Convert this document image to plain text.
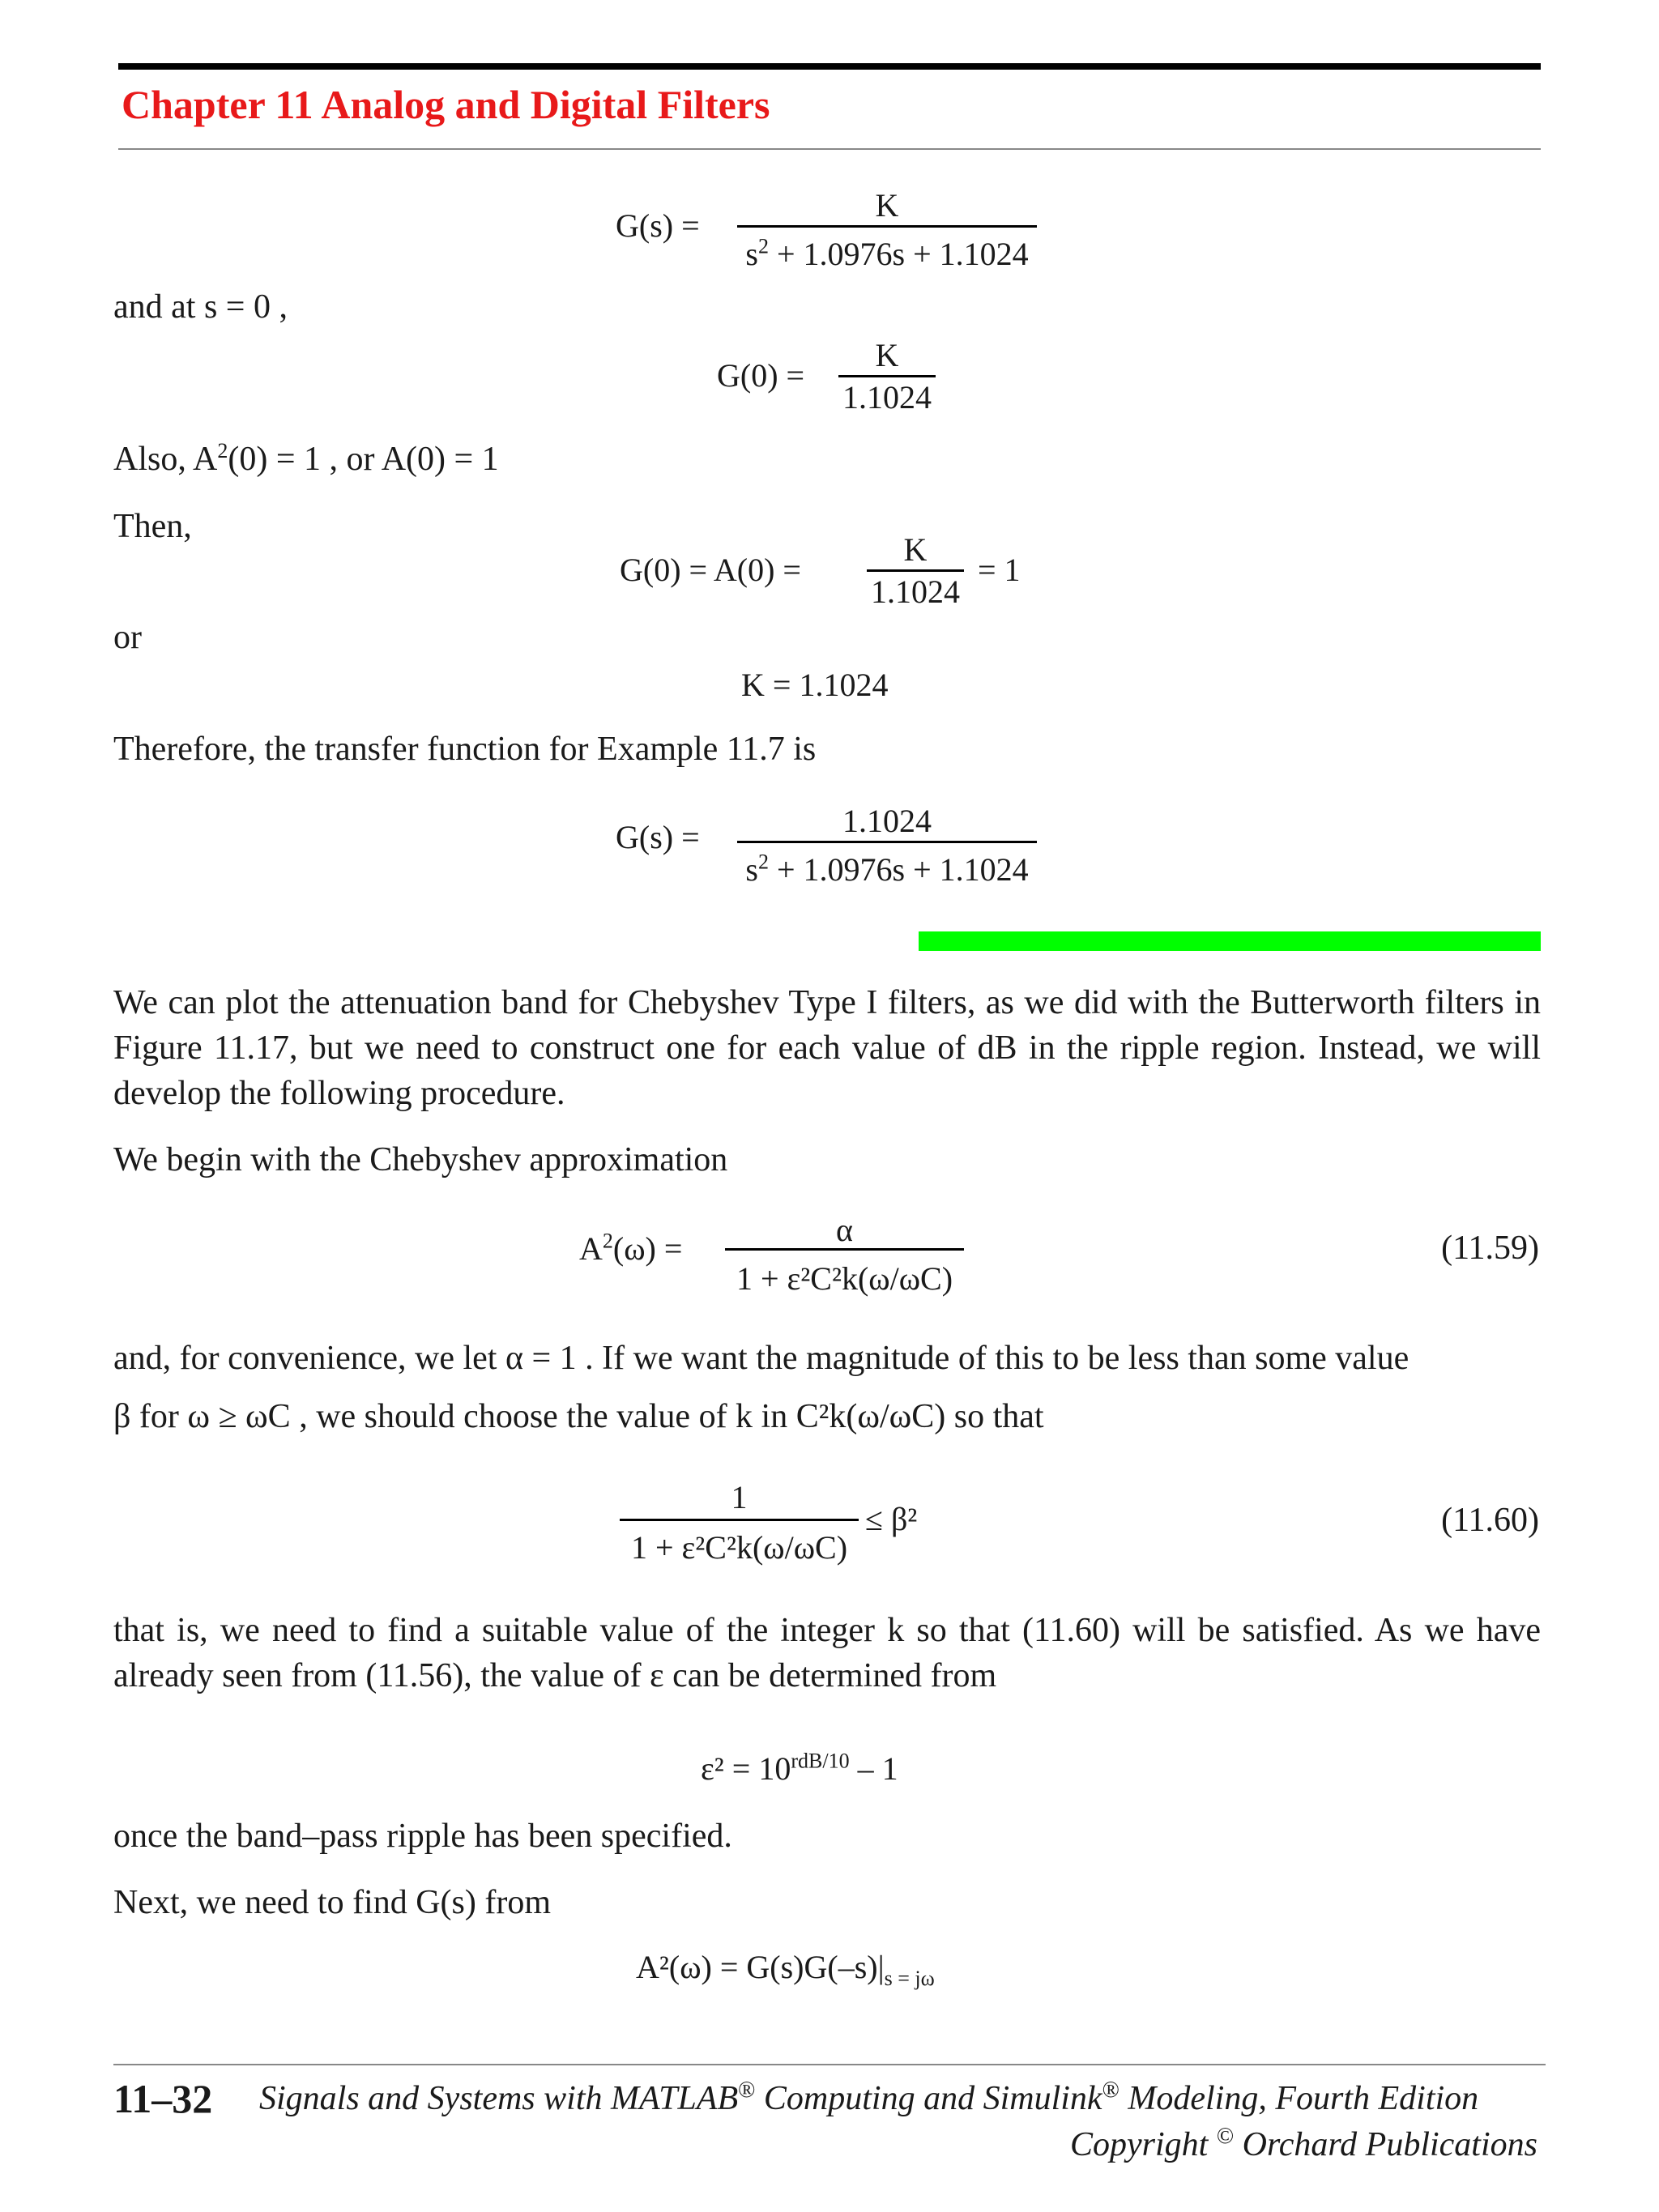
Chapter 11 Analog and Digital Filters
G(s) =
K
$s^2 + 1.0976s + 1.1024$
and at s = 0 ,
G(0) =
K
1.1024
Also, $A^2(0) = 1$ , or A(0) = 1
Then,
G(0) = A(0) =
K
1.1024
= 1
or
K = 1.1024
Therefore, the transfer function for Example 11.7 is
G(s) =	1.1024
$s^2 + 1.0976s + 1.1024$
We can plot the attenuation band for Chebyshev Type I filters, as we did with the Butterworth filters in Figure 11.17, but we need to construct one for each value of dB in the ripple region. Instead, we will develop the following procedure.
We begin with the Chebyshev approximation
$A^2(\omega)$ =
α
1 + ε²C²k(ω/ωC)
(11.59)
and, for convenience, we let α = 1 . If we want the magnitude of this to be less than some value
β for ω ≥ ωC , we should choose the value of k in C²k(ω/ωC) so that
1
1 + ε²C²k(ω/ωC)
≤ β²	(11.60)
that is, we need to find a suitable value of the integer k so that (11.60) will be satisfied. As we have already seen from (11.56), the value of ε can be determined from
$\varepsilon^2 = 10^{rdB/10} - 1$
once the band–pass ripple has been specified.
Next, we need to find G(s) from
$A^2(\omega) = G(s)G(-s)|_{s = j\omega}$
11–32 Signals and Systems with MATLAB® Computing and Simulink® Modeling, Fourth Edition
Copyright © Orchard Publications
